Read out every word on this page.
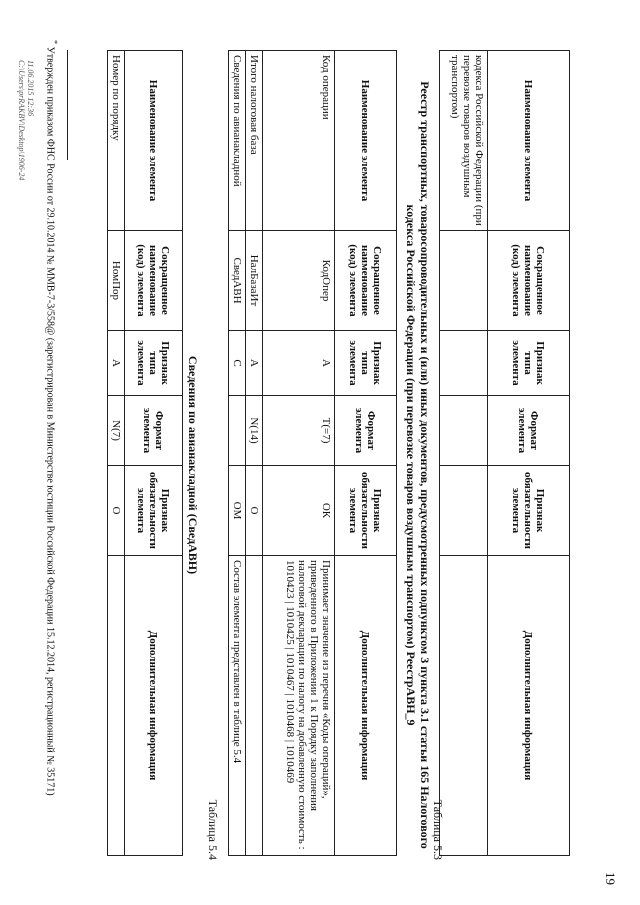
19
Наименование элемента	Сокращенное наименование (код) элемента	Признак типа элемента	Формат элемента	Признак обязательности элемента	Дополнительная информация
кодекса Российской Федерации (при перевозке товаров воздушным транспортом)					
Таблица 5.3
Реестр транспортных, товаросопроводительных и (или) иных документов, предусмотренных подпунктом 3 пункта 3.1 статьи 165 Налогового кодекса Российской Федерации (при перевозке товаров воздушным транспортом) РеестрАВН_9
Наименование элемента	Сокращенное наименование (код) элемента	Признак типа элемента	Формат элемента	Признак обязательности элемента	Дополнительная информация
Код операции	КодОпер	А	T(=7)	ОК	Принимает значение из перечня «Коды операций», приведенного в Приложении 1 к Порядку заполнения налоговой декларации по налогу на добавленную стоимость : 1010423 | 1010425 | 1010467 | 1010468 | 1010469
Итого налоговая база	НалБазаИт	А	N(14)	О	
Сведения по авианакладной	СведАВН	С		ОМ	Состав элемента представлен в таблице 5.4
Таблица 5.4
Сведения по авианакладной (СведАВН)
Наименование элемента	Сокращенное наименование (код) элемента	Признак типа элемента	Формат элемента	Признак обязательности элемента	Дополнительная информация
Номер по порядку	НомПор	А	N(7)	О	
* Утвержден приказом ФНС России от 29.10.2014 № ММВ-7-3/558@ (зарегистрирован в Министерстве юстиции Российской Федерации 15.12.2014, регистрационный № 35171)
11.06.2015 12:36
С:\Users\prRAKBV\Desktop\1906-24
